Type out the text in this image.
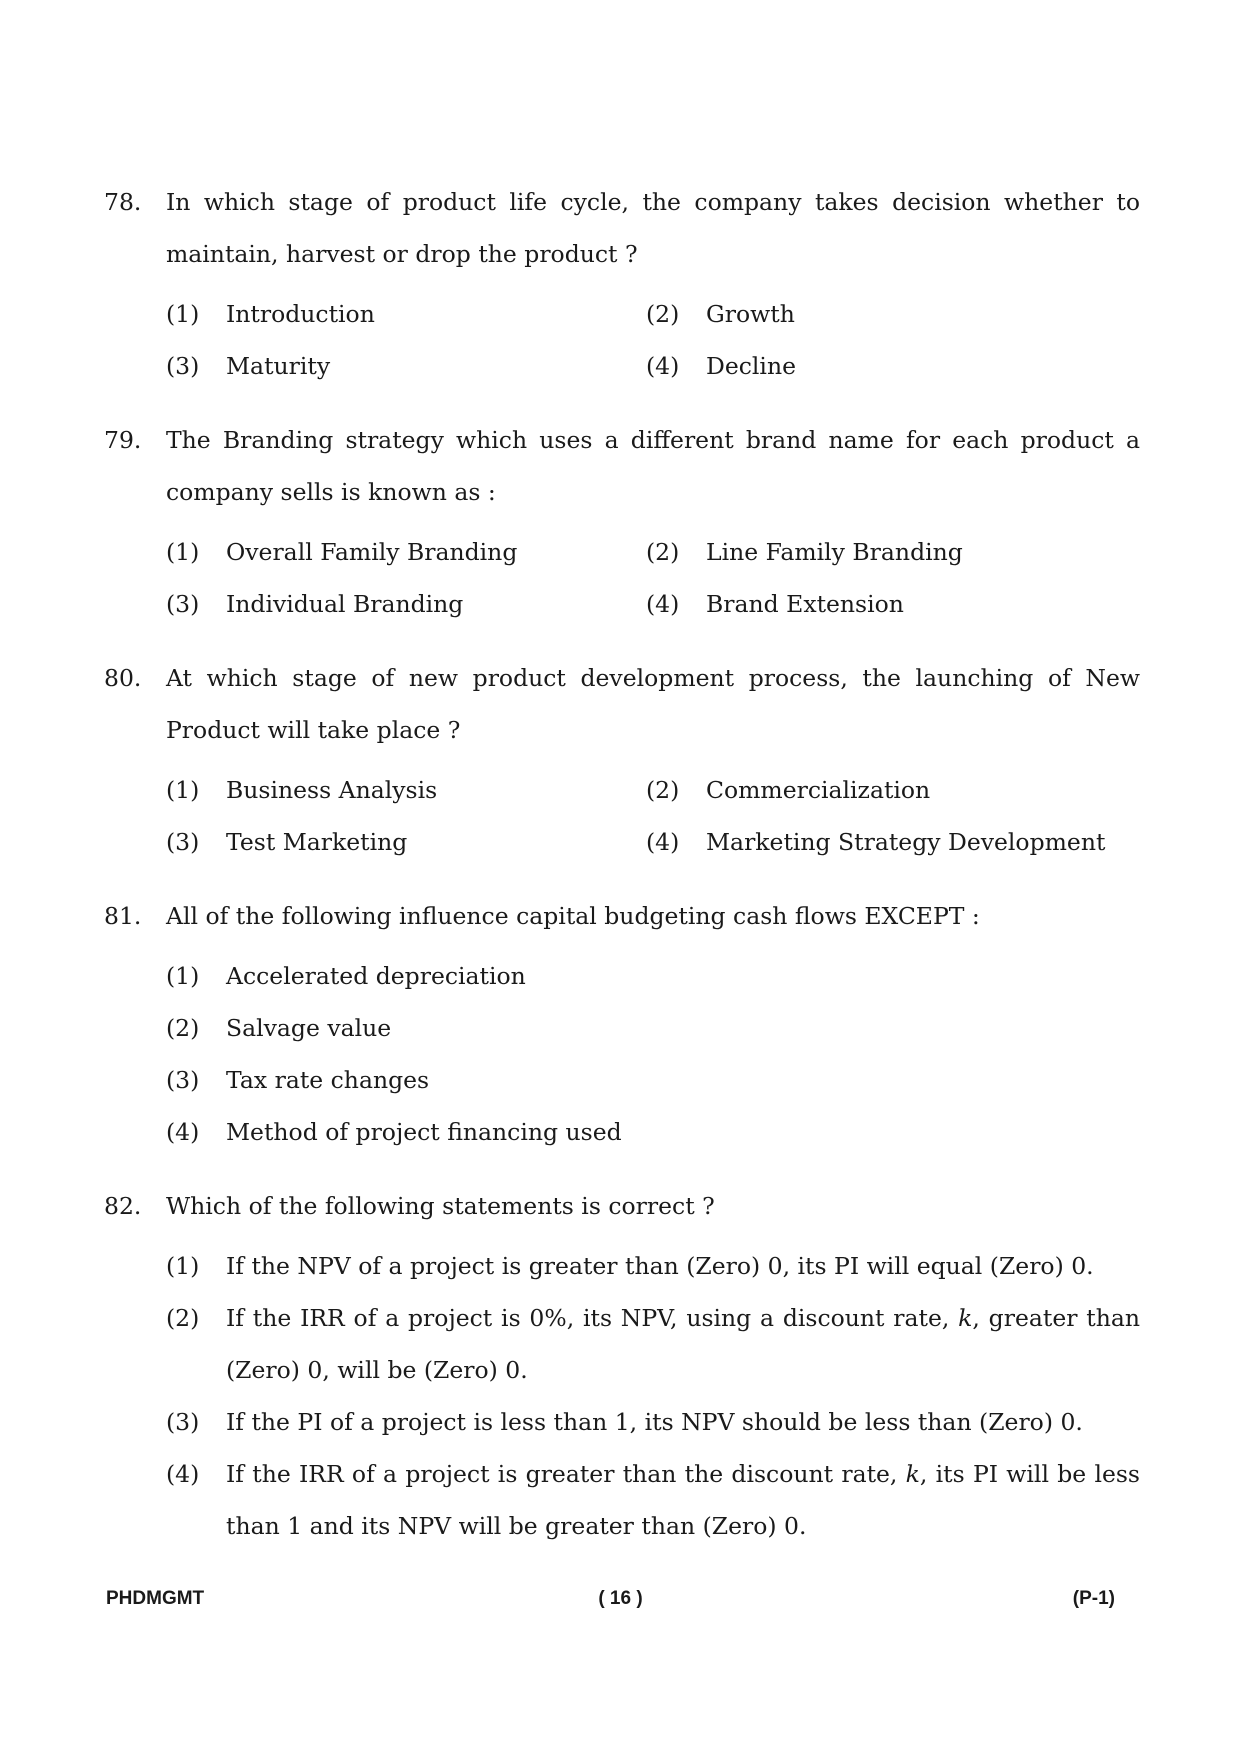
78. In which stage of product life cycle, the company takes decision whether to maintain, harvest or drop the product ?
(1)	Introduction	(2)	Growth
(3)	Maturity	(4)	Decline
79. The Branding strategy which uses a different brand name for each product a company sells is known as :
(1)	Overall Family Branding	(2)	Line Family Branding
(3)	Individual Branding	(4)	Brand Extension
80. At which stage of new product development process, the launching of New Product will take place ?
(1)	Business Analysis	(2)	Commercialization
(3)	Test Marketing	(4)	Marketing Strategy Development
81. All of the following influence capital budgeting cash flows EXCEPT :
(1)	Accelerated depreciation
(2)	Salvage value
(3)	Tax rate changes
(4)	Method of project financing used
82. Which of the following statements is correct ?
(1)	If the NPV of a project is greater than (Zero) 0, its PI will equal (Zero) 0.
(2)	If the IRR of a project is 0%, its NPV, using a discount rate, k, greater than (Zero) 0, will be (Zero) 0.
(3)	If the PI of a project is less than 1, its NPV should be less than (Zero) 0.
(4)	If the IRR of a project is greater than the discount rate, k, its PI will be less than 1 and its NPV will be greater than (Zero) 0.
PHDMGMT	( 16 )	(P-1)
